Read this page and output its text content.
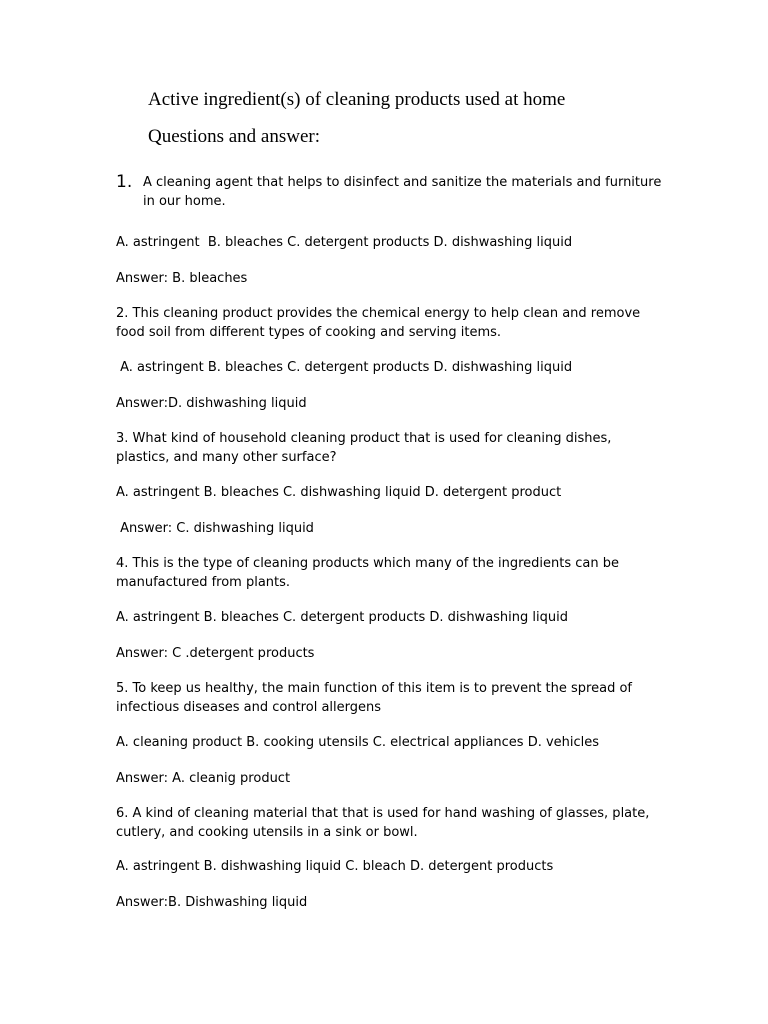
Active ingredient(s) of cleaning products used at home
Questions and answer:
1. A cleaning agent that helps to disinfect and sanitize the materials and furniture in our home.

A. astringent  B. bleaches C. detergent products D. dishwashing liquid

Answer: B. bleaches

2. This cleaning product provides the chemical energy to help clean and remove food soil from different types of cooking and serving items.

A. astringent B. bleaches C. detergent products D. dishwashing liquid

Answer:D. dishwashing liquid

3. What kind of household cleaning product that is used for cleaning dishes, plastics, and many other surface?

A. astringent B. bleaches C. dishwashing liquid D. detergent product

Answer: C. dishwashing liquid

4. This is the type of cleaning products which many of the ingredients can be manufactured from plants.

A. astringent B. bleaches C. detergent products D. dishwashing liquid

Answer: C .detergent products

5. To keep us healthy, the main function of this item is to prevent the spread of infectious diseases and control allergens

A. cleaning product B. cooking utensils C. electrical appliances D. vehicles

Answer: A. cleanig product

6. A kind of cleaning material that that is used for hand washing of glasses, plate, cutlery, and cooking utensils in a sink or bowl.

A. astringent B. dishwashing liquid C. bleach D. detergent products

Answer:B. Dishwashing liquid
